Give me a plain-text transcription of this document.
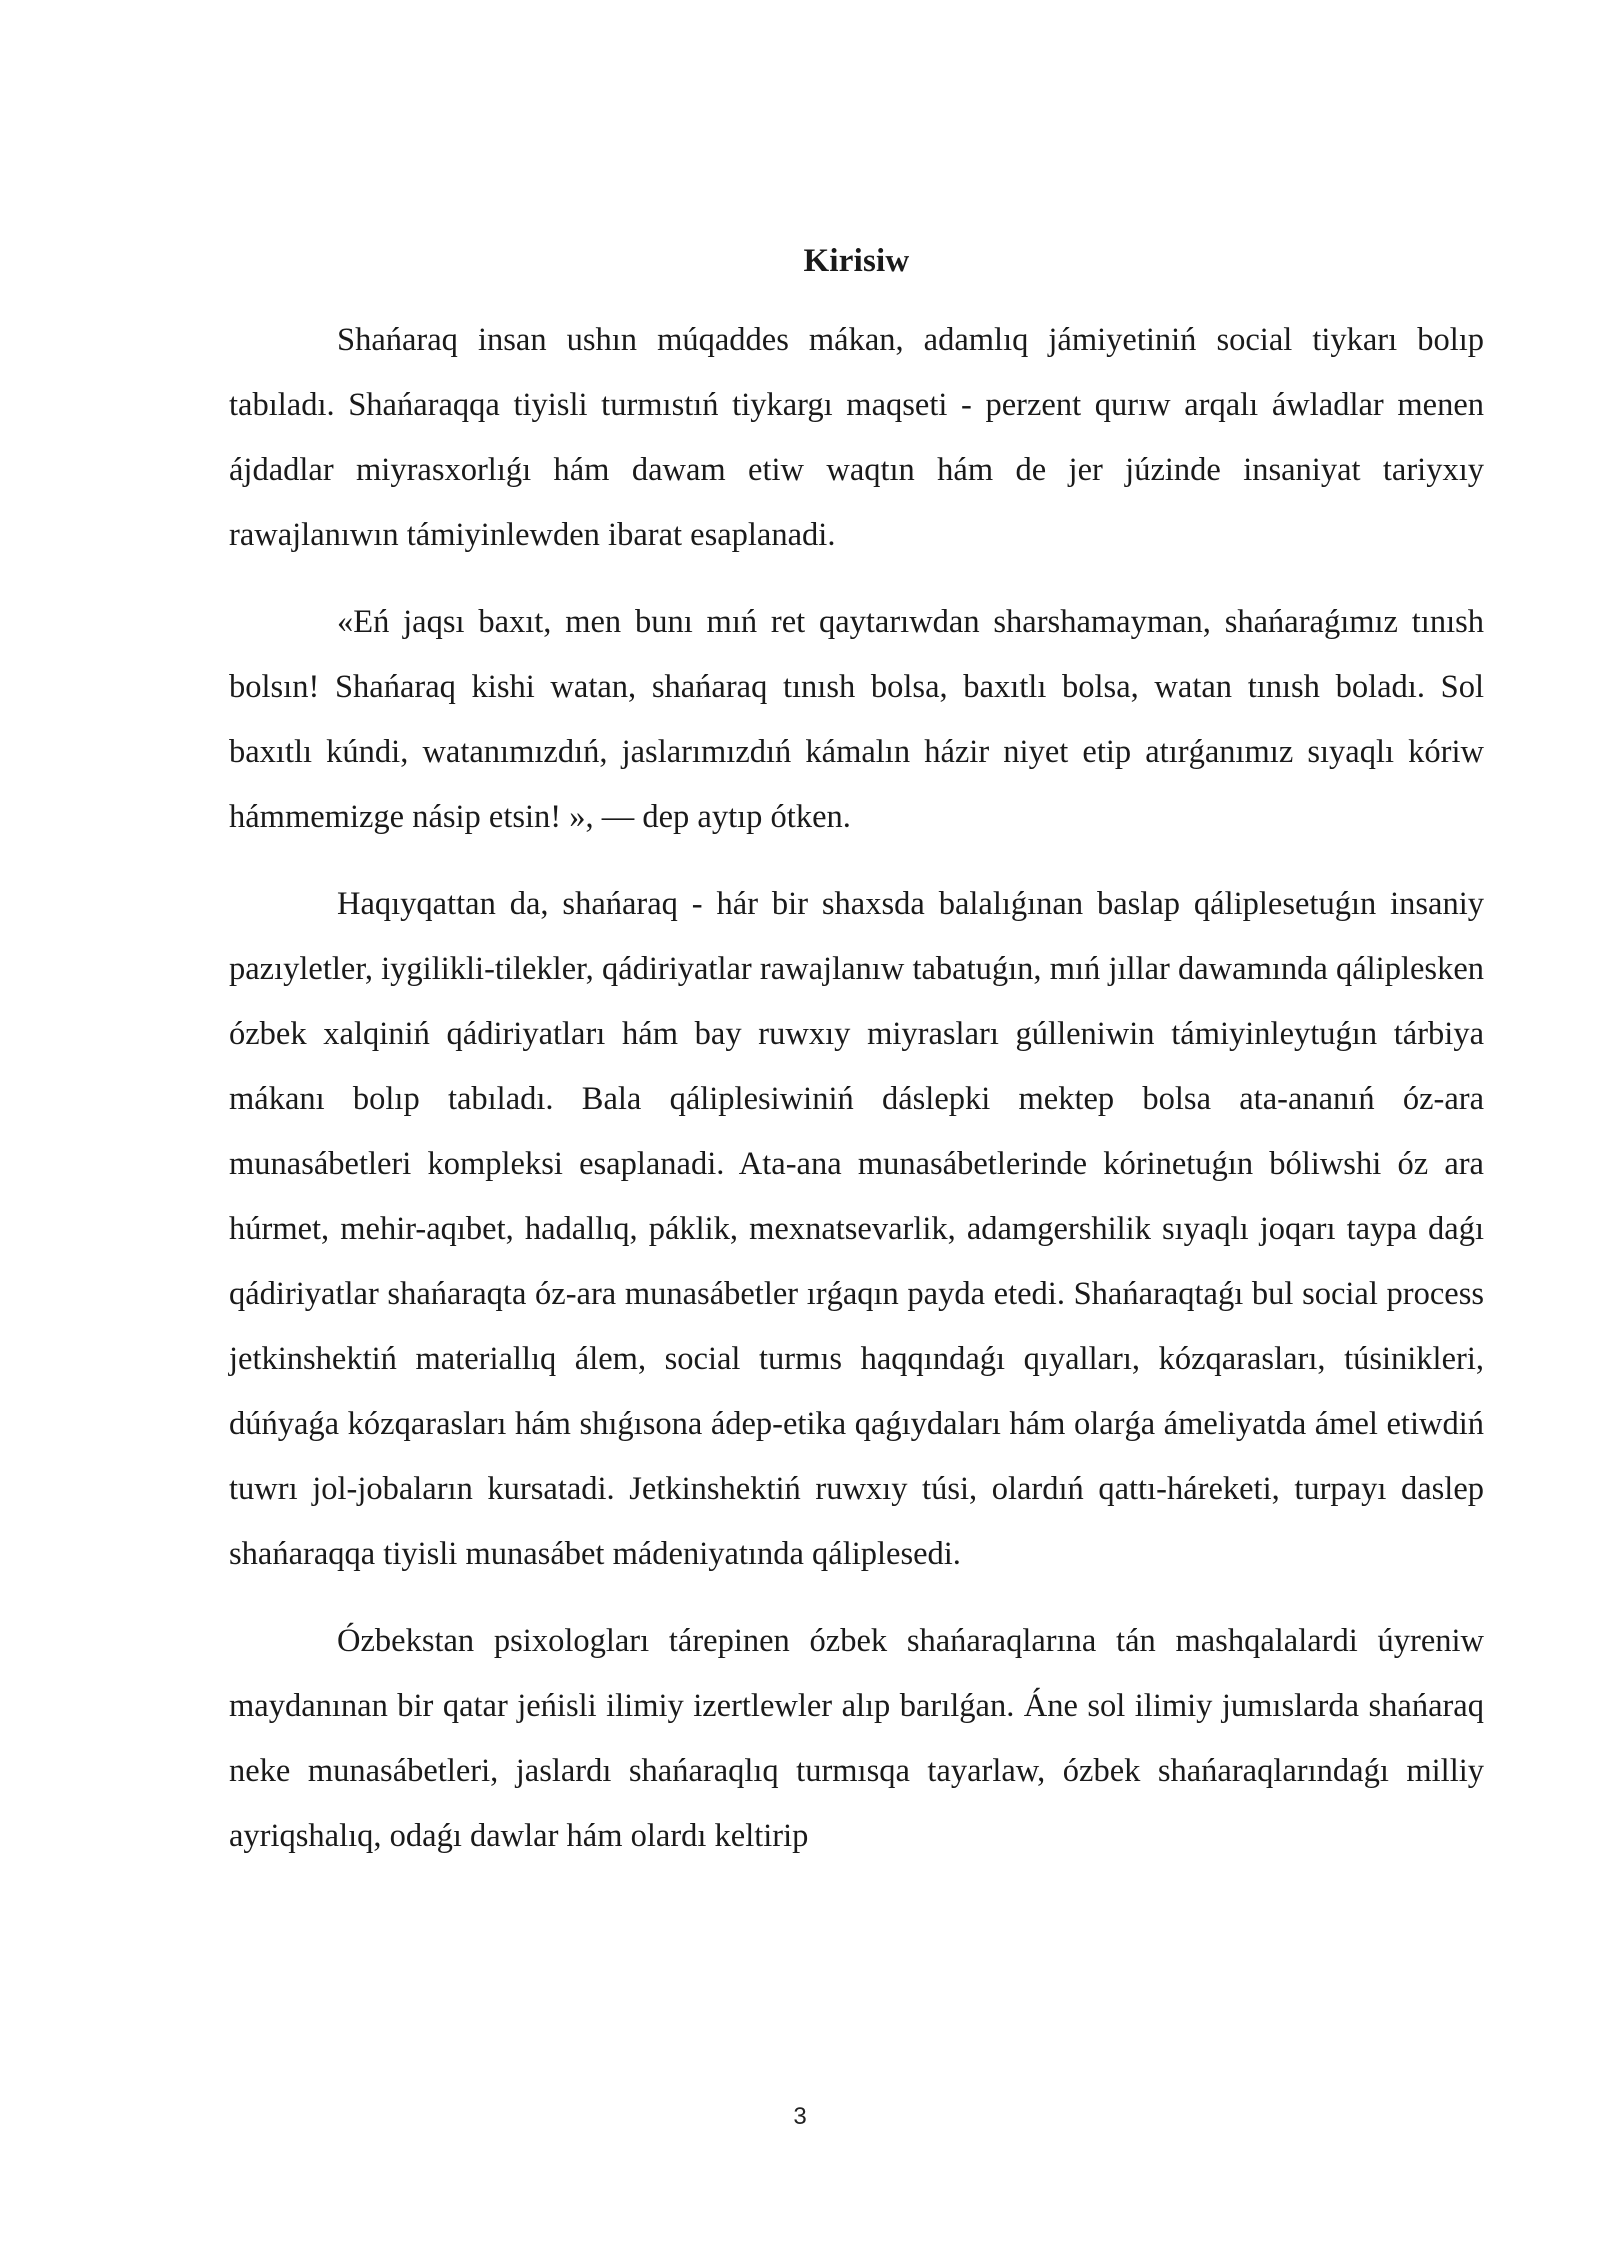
Kirisiw

Shańaraq insan ushın múqaddes mákan, adamlıq jámiyetiniń social tiykarı bolıp tabıladı. Shańaraqqa tiyisli turmıstıń tiykargı maqseti - perzent qurıw arqalı áwladlar menen ájdadlar miyrasxorlıǵı hám dawam etiw waqtın hám de jer júzinde insaniyat tariyxıy rawajlanıwın támiyinlewden ibarat esaplanadi.

«Eń jaqsı baxıt, men bunı mıń ret qaytarıwdan sharshamayman, shańaraǵımız tınısh bolsın! Shańaraq kishi watan, shańaraq tınısh bolsa, baxıtlı bolsa, watan tınısh boladı. Sol baxıtlı kúndi, watanımızdıń, jaslarımızdıń kámalın házir niyet etip atırǵanımız sıyaqlı kóriw hámmemizge násip etsin! », — dep aytıp ótken.

Haqıyqattan da, shańaraq - hár bir shaxsda balalıǵınan baslap qáliplesetuǵın insaniy pazıyletler, iygilikli-tilekler, qádiriyatlar rawajlanıw tabatuǵın, mıń jıllar dawamında qáliplesken ózbek xalqiniń qádiriyatları hám bay ruwxıy miyrasları gúlleniwin támiyinleytuǵın tárbiya mákanı bolıp tabıladı. Bala qáliplesiwiniń dáslepki mektep bolsa ata-ananıń óz-ara munasábetleri kompleksi esaplanadi. Ata-ana munasábetlerinde kórinetuǵın bóliwshi óz ara húrmet, mehir-aqıbet, hadallıq, páklik, mexnatsevarlik, adamgershilik sıyaqlı joqarı taypa daǵı qádiriyatlar shańaraqta óz-ara munasábetler ırǵaqın payda etedi. Shańaraqtaǵı bul social process jetkinshektiń materiallıq álem, social turmıs haqqındaǵı qıyalları, kózqarasları, túsinikleri, dúńyaǵa kózqarasları hám shıǵısona ádep-etika qaǵıydaları hám olarǵa ámeliyatda ámel etiwdiń tuwrı jol-jobaların kursatadi. Jetkinshektiń ruwxıy túsi, olardıń qattı-háreketi, turpayı daslep shańaraqqa tiyisli munasábet mádeniyatında qáliplesedi.

Ózbekstan psixologları tárepinen ózbek shańaraqlarına tán mashqalalardi úyreniw maydanınan bir qatar jeńisli ilimiy izertlewler alıp barılǵan. Áne sol ilimiy jumıslarda shańaraq neke munasábetleri, jaslardı shańaraqlıq turmısqa tayarlaw, ózbek shańaraqlarındaǵı milliy ayriqshalıq, odaǵı dawlar hám olardı keltirip

3
